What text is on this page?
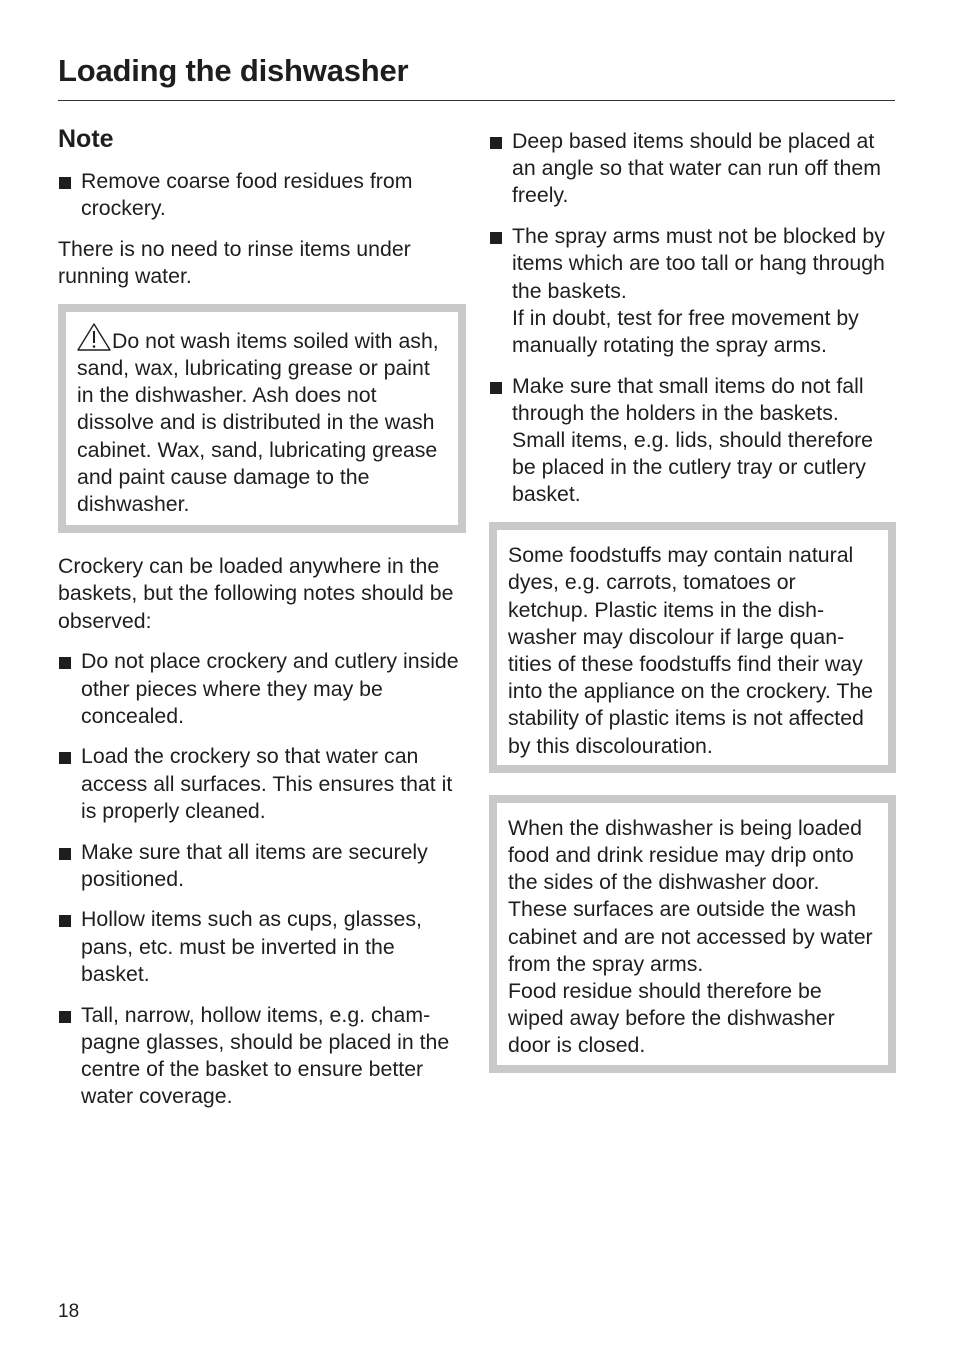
Loading the dishwasher
Note
Remove coarse food residues from crockery.

There is no need to rinse items under running water.

Do not wash items soiled with ash, sand, wax, lubricating grease or paint in the dishwasher. Ash does not dissolve and is distributed in the wash cabinet. Wax, sand, lubricating grease and paint cause damage to the dishwasher.

Crockery can be loaded anywhere in the baskets, but the following notes should be observed:

Do not place crockery and cutlery inside other pieces where they may be concealed.
Load the crockery so that water can access all surfaces. This ensures that it is properly cleaned.
Make sure that all items are securely positioned.
Hollow items such as cups, glasses, pans, etc. must be inverted in the basket.
Tall, narrow, hollow items, e.g. champagne glasses, should be placed in the centre of the basket to ensure better water coverage.
Deep based items should be placed at an angle so that water can run off them freely.
The spray arms must not be blocked by items which are too tall or hang through the baskets.
If in doubt, test for free movement by manually rotating the spray arms.
Make sure that small items do not fall through the holders in the baskets. Small items, e.g. lids, should therefore be placed in the cutlery tray or cutlery basket.

Some foodstuffs may contain natural dyes, e.g. carrots, tomatoes or ketchup. Plastic items in the dishwasher may discolour if large quantities of these foodstuffs find their way into the appliance on the crockery. The stability of plastic items is not affected by this discolouration.

When the dishwasher is being loaded food and drink residue may drip onto the sides of the dishwasher door.
These surfaces are outside the wash cabinet and are not accessed by water from the spray arms.
Food residue should therefore be wiped away before the dishwasher door is closed.

18
